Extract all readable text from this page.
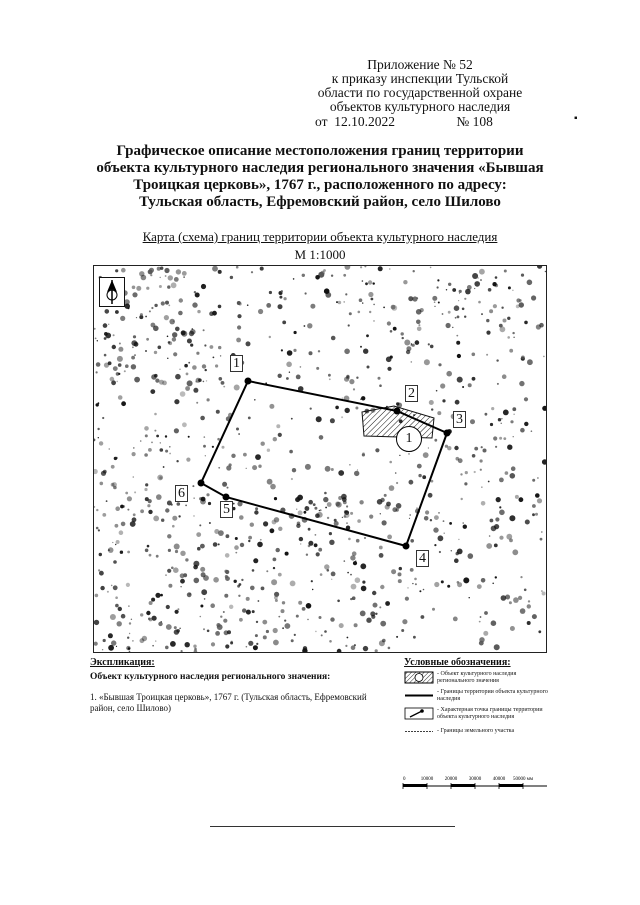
Приложение № 52
к приказу инспекции Тульской
области по государственной охране
объектов культурного наследия
от 12.10.2022	№ 108	▪
Графическое описание местоположения границ территории
объекта культурного наследия регионального значения «Бывшая
Троицкая церковь», 1767 г., расположенного по адресу:
Тульская область, Ефремовский район, село Шилово
Карта (схема) границ территории объекта культурного наследия
М 1:1000
1
2
3
4
5
6
1
Экспликация:
Объект культурного наследия регионального значения:
1. «Бывшая Троицкая церковь», 1767 г. (Тульская область, Ефремовский район, село Шилово)
Условные обозначения:
- Объект культурного наследия регионального значения
- Границы территории объекта культурного наследия
- Характерная точка границы территории объекта культурного наследия
- Границы земельного участка
0	10000 20000 30000 40000 50000 мм
